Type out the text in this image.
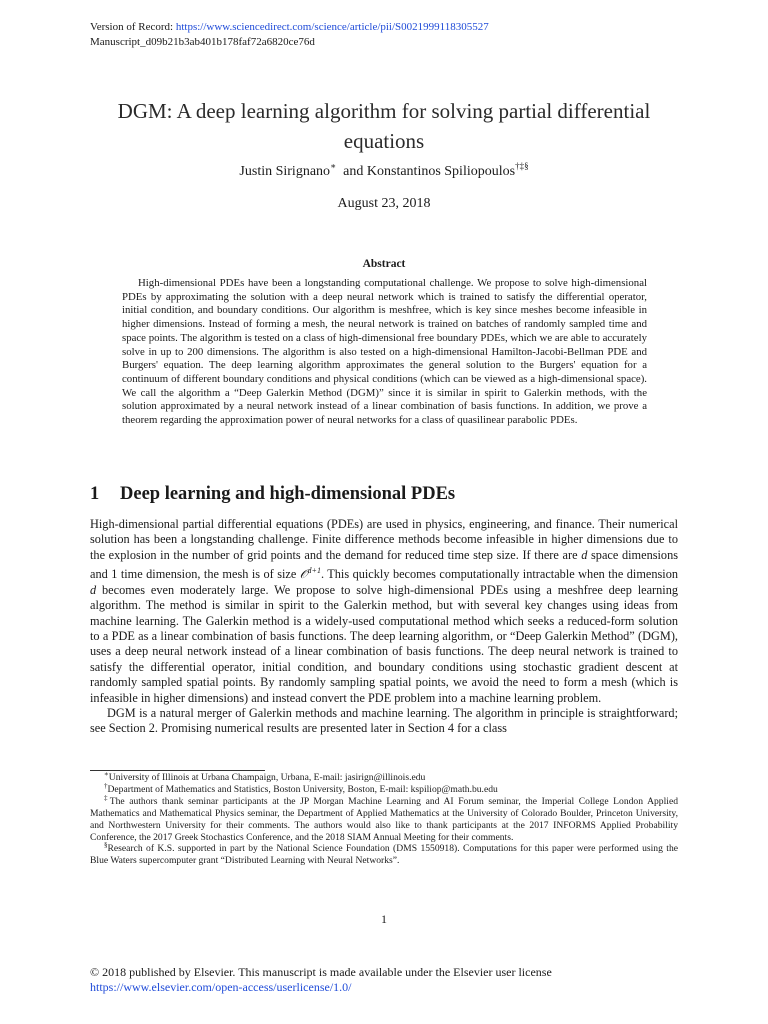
Version of Record: https://www.sciencedirect.com/science/article/pii/S0021999118305527
Manuscript_d09b21b3ab401b178faf72a6820ce76d
DGM: A deep learning algorithm for solving partial differential equations
Justin Sirignano∗  and Konstantinos Spiliopoulos†‡§
August 23, 2018
Abstract
High-dimensional PDEs have been a longstanding computational challenge. We propose to solve high-dimensional PDEs by approximating the solution with a deep neural network which is trained to satisfy the differential operator, initial condition, and boundary conditions. Our algorithm is meshfree, which is key since meshes become infeasible in higher dimensions. Instead of forming a mesh, the neural network is trained on batches of randomly sampled time and space points. The algorithm is tested on a class of high-dimensional free boundary PDEs, which we are able to accurately solve in up to 200 dimensions. The algorithm is also tested on a high-dimensional Hamilton-Jacobi-Bellman PDE and Burgers' equation. The deep learning algorithm approximates the general solution to the Burgers' equation for a continuum of different boundary conditions and physical conditions (which can be viewed as a high-dimensional space). We call the algorithm a “Deep Galerkin Method (DGM)” since it is similar in spirit to Galerkin methods, with the solution approximated by a neural network instead of a linear combination of basis functions. In addition, we prove a theorem regarding the approximation power of neural networks for a class of quasilinear parabolic PDEs.
1 Deep learning and high-dimensional PDEs

High-dimensional partial differential equations (PDEs) are used in physics, engineering, and finance. Their numerical solution has been a longstanding challenge. Finite difference methods become infeasible in higher dimensions due to the explosion in the number of grid points and the demand for reduced time step size. If there are d space dimensions and 1 time dimension, the mesh is of size 𝒪$^{d+1}$. This quickly becomes computationally intractable when the dimension d becomes even moderately large. We propose to solve high-dimensional PDEs using a meshfree deep learning algorithm. The method is similar in spirit to the Galerkin method, but with several key changes using ideas from machine learning. The Galerkin method is a widely-used computational method which seeks a reduced-form solution to a PDE as a linear combination of basis functions. The deep learning algorithm, or “Deep Galerkin Method” (DGM), uses a deep neural network instead of a linear combination of basis functions. The deep neural network is trained to satisfy the differential operator, initial condition, and boundary conditions using stochastic gradient descent at randomly sampled spatial points. By randomly sampling spatial points, we avoid the need to form a mesh (which is infeasible in higher dimensions) and instead convert the PDE problem into a machine learning problem.

DGM is a natural merger of Galerkin methods and machine learning. The algorithm in principle is straightforward; see Section 2. Promising numerical results are presented later in Section 4 for a class

∗University of Illinois at Urbana Champaign, Urbana, E-mail: jasirign@illinois.edu

†Department of Mathematics and Statistics, Boston University, Boston, E-mail: kspiliop@math.bu.edu

‡The authors thank seminar participants at the JP Morgan Machine Learning and AI Forum seminar, the Imperial College London Applied Mathematics and Mathematical Physics seminar, the Department of Applied Mathematics at the University of Colorado Boulder, Princeton University, and Northwestern University for their comments. The authors would also like to thank participants at the 2017 INFORMS Applied Probability Conference, the 2017 Greek Stochastics Conference, and the 2018 SIAM Annual Meeting for their comments.

§Research of K.S. supported in part by the National Science Foundation (DMS 1550918). Computations for this paper were performed using the Blue Waters supercomputer grant “Distributed Learning with Neural Networks”.

1
© 2018 published by Elsevier. This manuscript is made available under the Elsevier user license
https://www.elsevier.com/open-access/userlicense/1.0/
